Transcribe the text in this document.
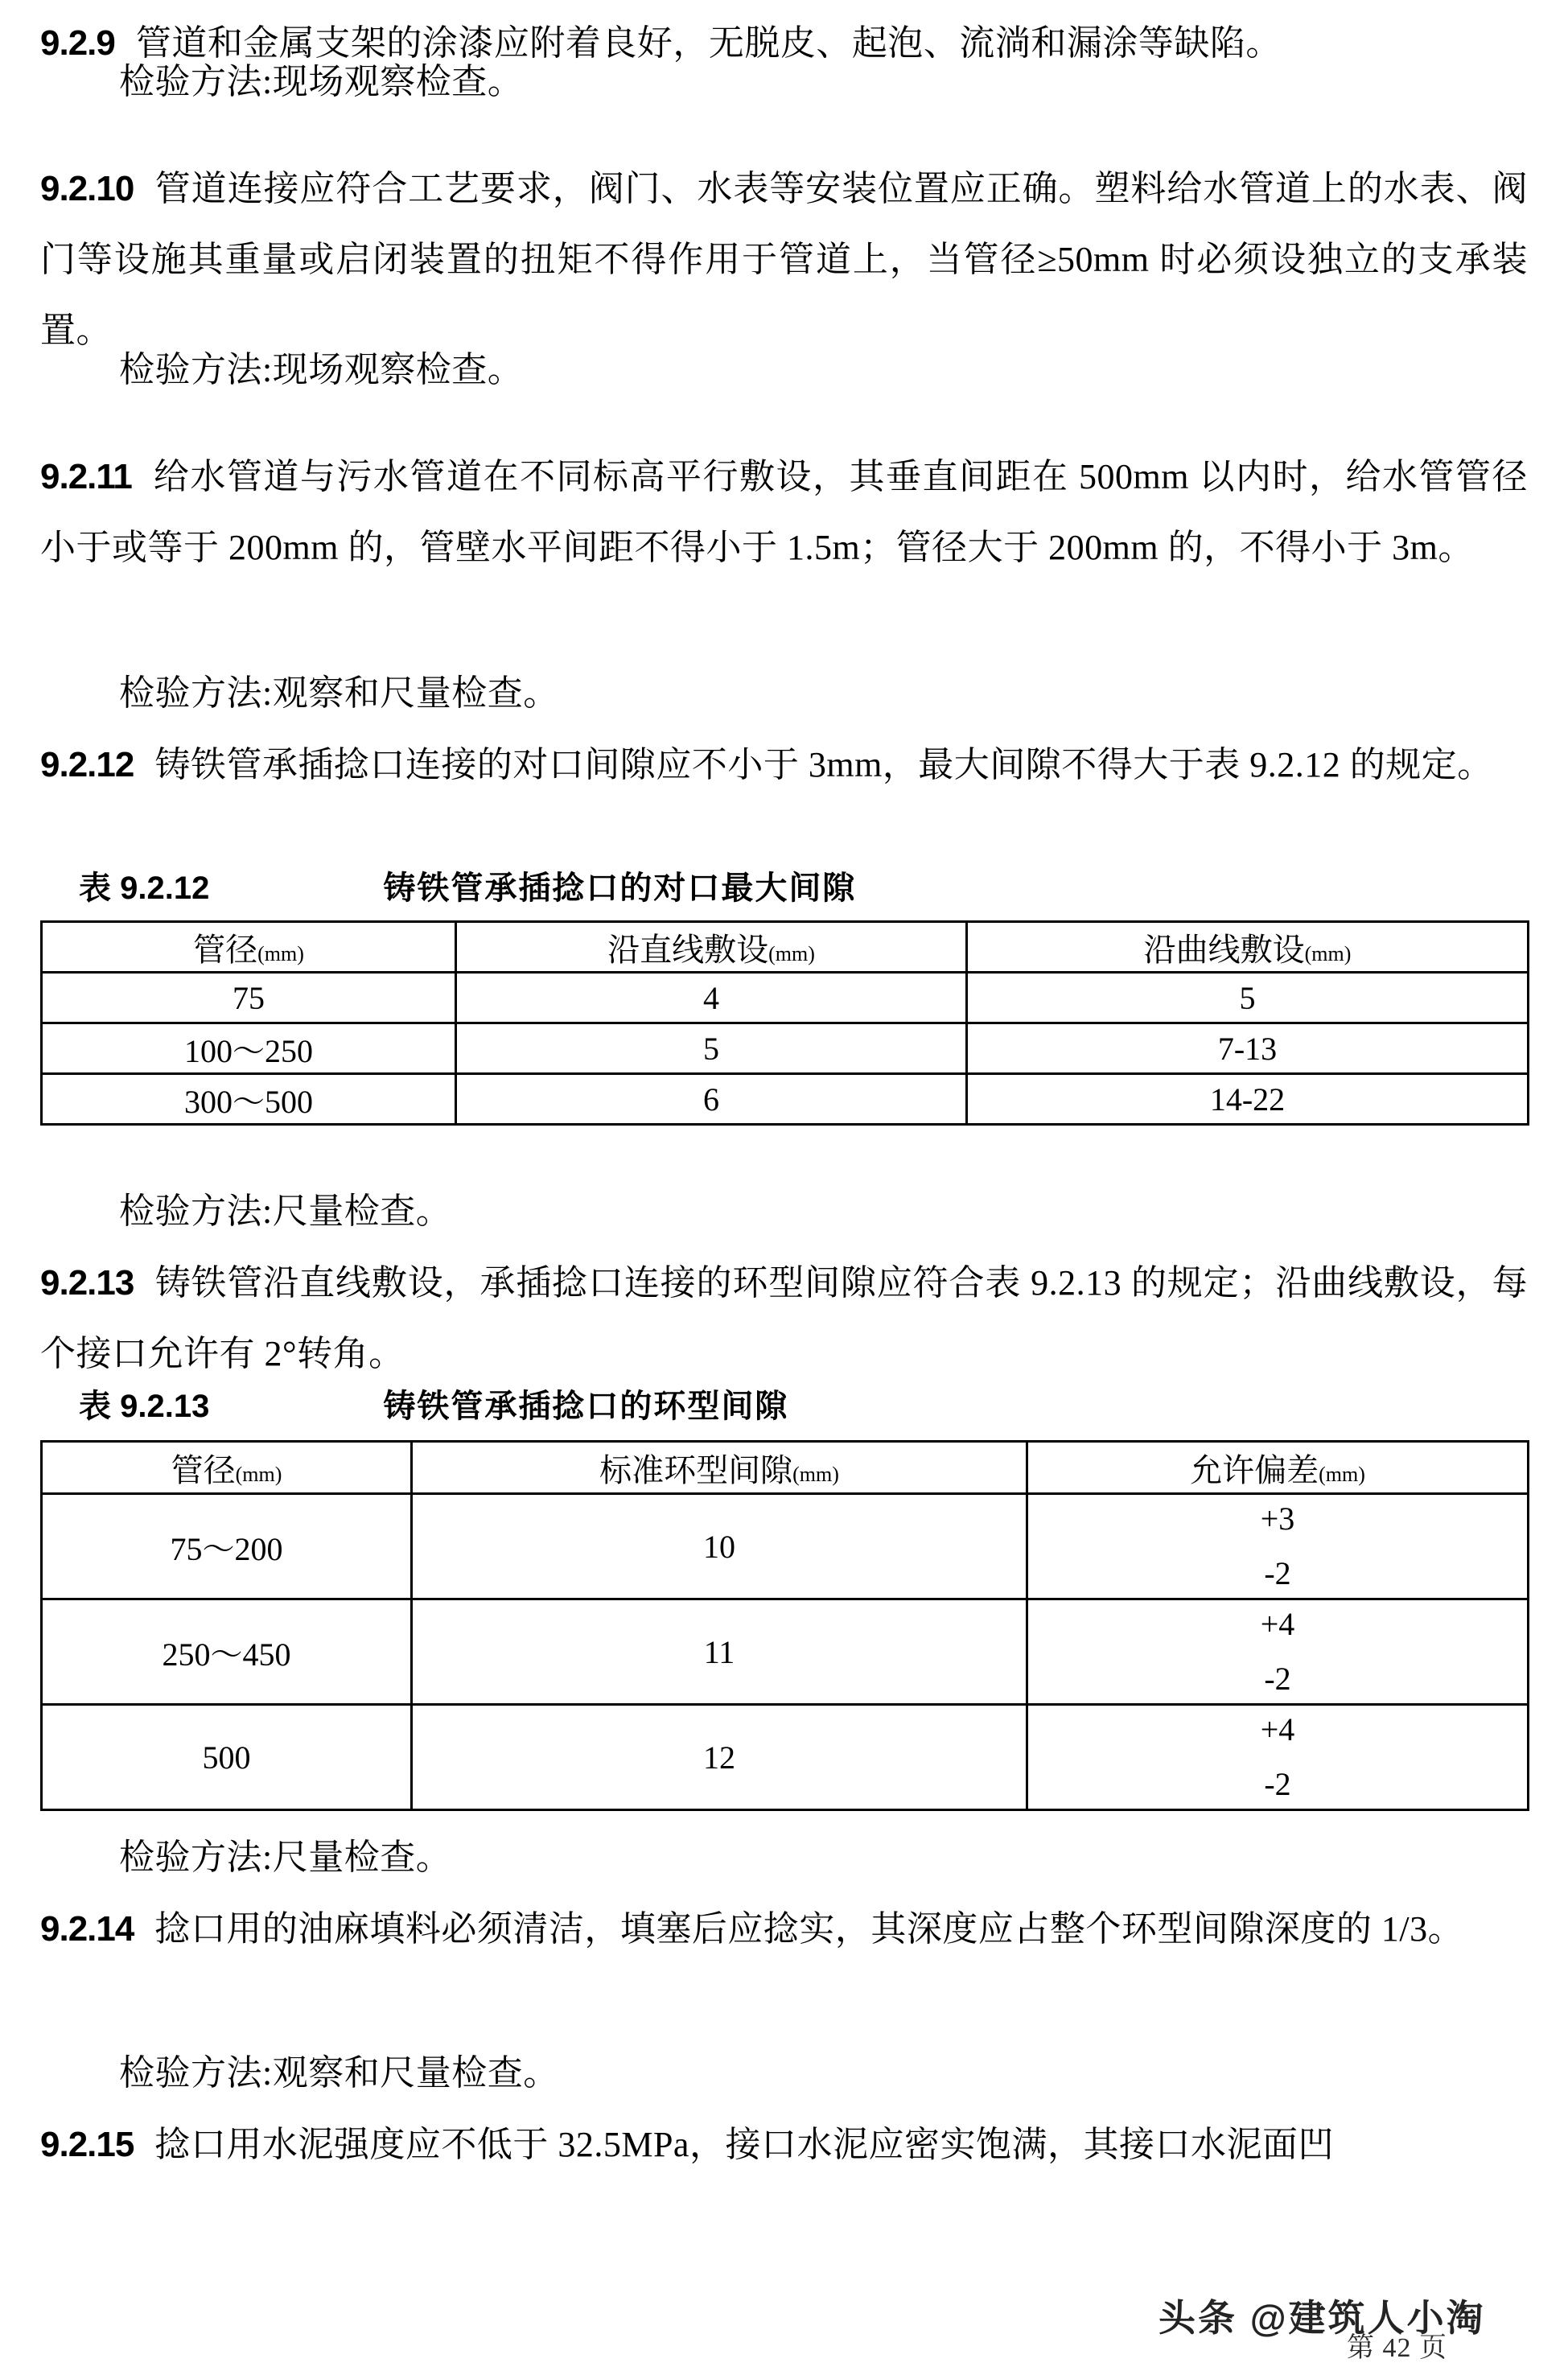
9.2.9 管道和金属支架的涂漆应附着良好，无脱皮、起泡、流淌和漏涂等缺陷。
检验方法:现场观察检查。
9.2.10 管道连接应符合工艺要求，阀门、水表等安装位置应正确。塑料给水管道上的水表、阀门等设施其重量或启闭装置的扭矩不得作用于管道上，当管径≥50mm 时必须设独立的支承装置。
检验方法:现场观察检查。
9.2.11 给水管道与污水管道在不同标高平行敷设，其垂直间距在 500mm 以内时，给水管管径小于或等于 200mm 的，管壁水平间距不得小于 1.5m；管径大于 200mm 的，不得小于 3m。
检验方法:观察和尺量检查。
9.2.12 铸铁管承插捻口连接的对口间隙应不小于 3mm，最大间隙不得大于表 9.2.12 的规定。
表 9.2.12	铸铁管承插捻口的对口最大间隙
管径(mm)	沿直线敷设(mm)	沿曲线敷设(mm)
75	4	5
100～250	5	7-13
300～500	6	14-22
检验方法:尺量检查。
9.2.13 铸铁管沿直线敷设，承插捻口连接的环型间隙应符合表 9.2.13 的规定；沿曲线敷设，每个接口允许有 2°转角。
表 9.2.13	铸铁管承插捻口的环型间隙
管径(mm)	标准环型间隙(mm)	允许偏差(mm)
75～200	10	+3
-2

250～450	11	+4
-2

500	12	+4
-2
检验方法:尺量检查。
9.2.14 捻口用的油麻填料必须清洁，填塞后应捻实，其深度应占整个环型间隙深度的 1/3。
检验方法:观察和尺量检查。
9.2.15 捻口用水泥强度应不低于 32.5MPa，接口水泥应密实饱满，其接口水泥面凹
头条 @建筑人小淘
第 42 页
